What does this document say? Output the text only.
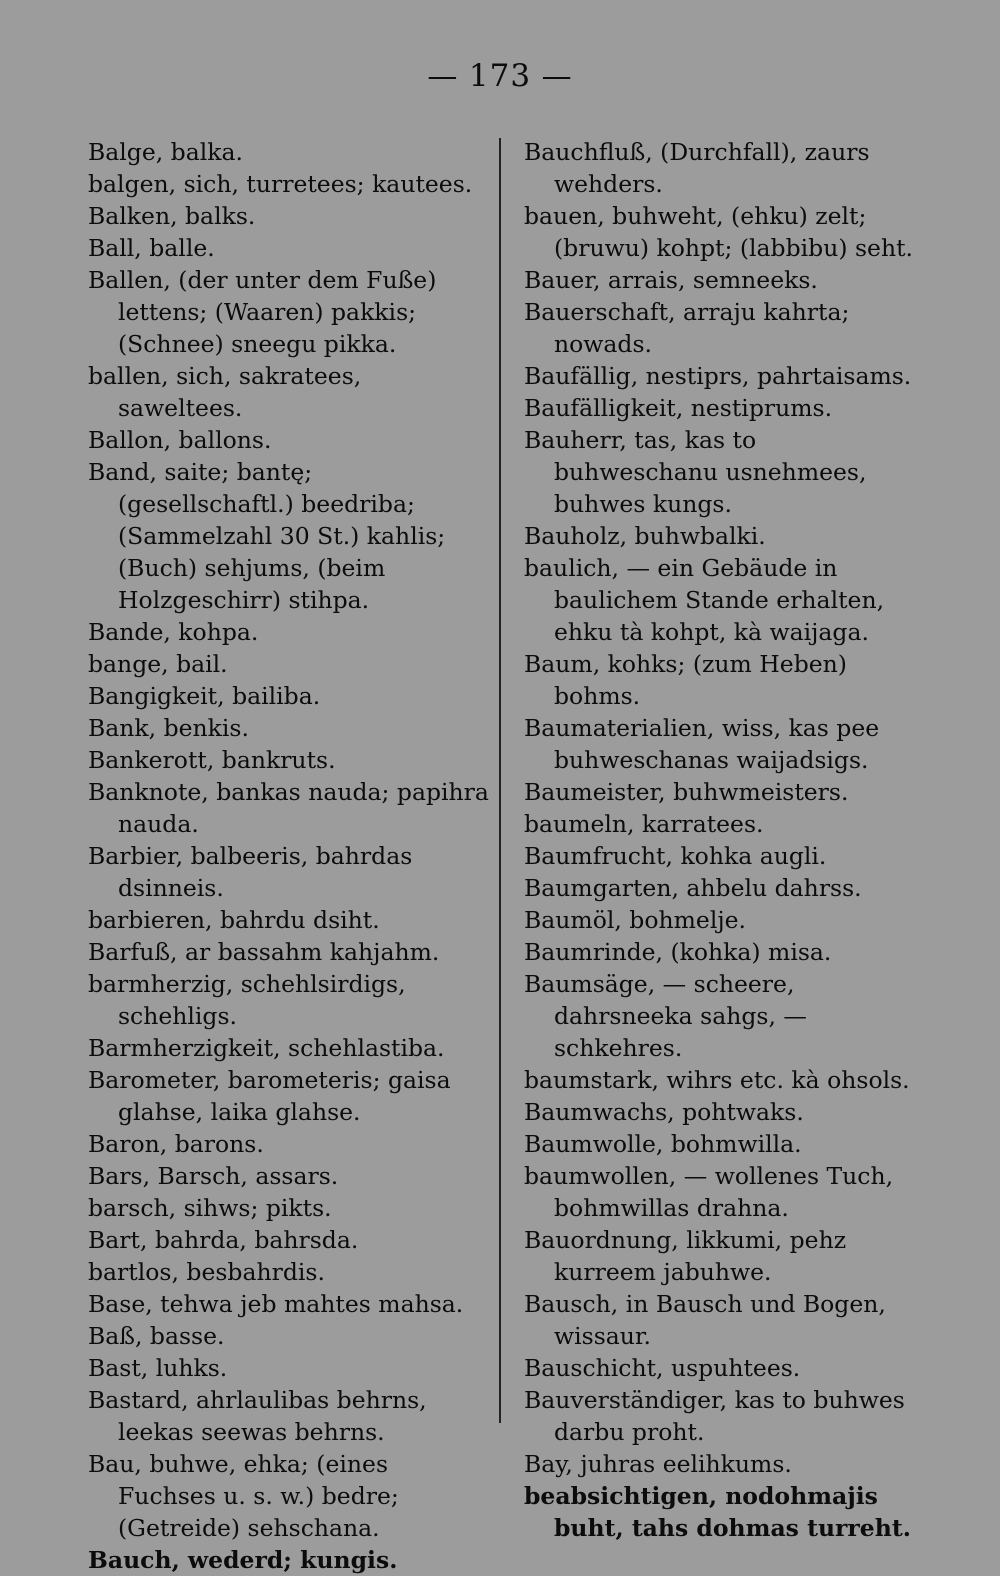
— 173 —

Balge, balka.

balgen, sich, turretees; kautees.

Balken, balks.

Ball, balle.

Ballen, (der unter dem Fuße) lettens; (Waaren) pakkis; (Schnee) sneegu pikka.

ballen, sich, sakratees, saweltees.

Ballon, ballons.

Band, saite; bantę; (gesellschaftl.) beedriba; (Sammelzahl 30 St.) kahlis; (Buch) sehjums, (beim Holzgeschirr) stihpa.

Bande, kohpa.

bange, bail.

Bangigkeit, bailiba.

Bank, benkis.

Bankerott, bankruts.

Banknote, bankas nauda; papihra nauda.

Barbier, balbeeris, bahrdas dsinneis.

barbieren, bahrdu dsiht.

Barfuß, ar bassahm kahjahm.

barmherzig, schehlsirdigs, schehligs.

Barmherzigkeit, schehlastiba.

Barometer, barometeris; gaisa glahse, laika glahse.

Baron, barons.

Bars, Barsch, assars.

barsch, sihws; pikts.

Bart, bahrda, bahrsda.

bartlos, besbahrdis.

Base, tehwa jeb mahtes mahsa.

Baß, basse.

Bast, luhks.

Bastard, ahrlaulibas behrns, leekas seewas behrns.

Bau, buhwe, ehka; (eines Fuchses u. s. w.) bedre; (Getreide) sehschana.

Bauch, wederd; kungis.

Bauchfluß, (Durchfall), zaurs wehders.

bauen, buhweht, (ehku) zelt; (bruwu) kohpt; (labbibu) seht.

Bauer, arrais, semneeks.

Bauerschaft, arraju kahrta; nowads.

Baufällig, nestiprs, pahrtaisams.

Baufälligkeit, nestiprums.

Bauherr, tas, kas to buhweschanu usnehmees, buhwes kungs.

Bauholz, buhwbalki.

baulich, — ein Gebäude in baulichem Stande erhalten, ehku tà kohpt, kà waijaga.

Baum, kohks; (zum Heben) bohms.

Baumaterialien, wiss, kas pee buhweschanas waijadsigs.

Baumeister, buhwmeisters.

baumeln, karratees.

Baumfrucht, kohka augli.

Baumgarten, ahbelu dahrss.

Baumöl, bohmelje.

Baumrinde, (kohka) misa.

Baumsäge, — scheere, dahrsneeka sahgs, — schkehres.

baumstark, wihrs etc. kà ohsols.

Baumwachs, pohtwaks.

Baumwolle, bohmwilla.

baumwollen, — wollenes Tuch, bohmwillas drahna.

Bauordnung, likkumi, pehz kurreem jabuhwe.

Bausch, in Bausch und Bogen, wissaur.

Bauschicht, uspuhtees.

Bauverständiger, kas to buhwes darbu proht.

Bay, juhras eelihkums.

beabsichtigen, nodohmajis buht, tahs dohmas turreht.
